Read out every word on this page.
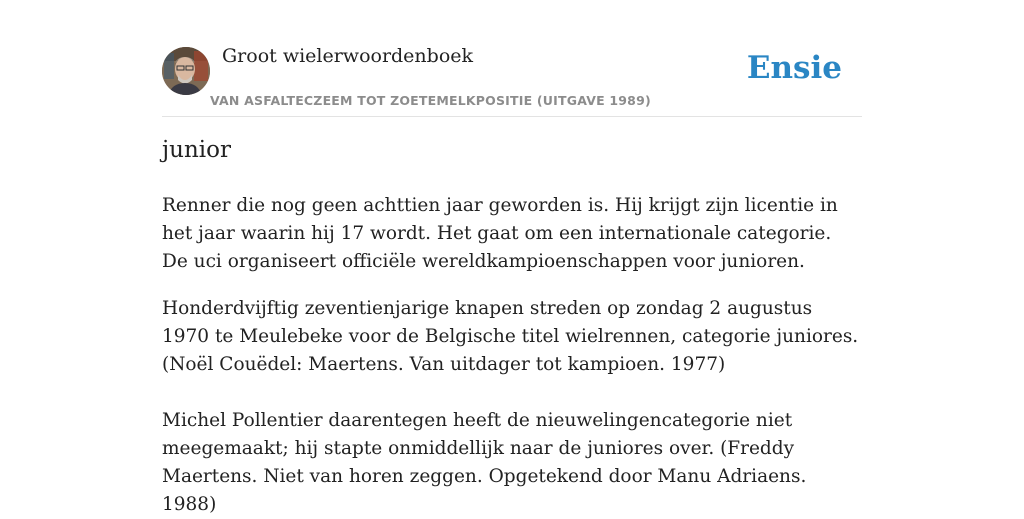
Groot wielerwoordenboek
VAN ASFALTECZEEM TOT ZOETEMELKPOSITIE (UITGAVE 1989)
Ensie
junior

Renner die nog geen achttien jaar geworden is. Hij krijgt zijn licentie in het jaar waarin hij 17 wordt. Het gaat om een internationale categorie. De uci organiseert officiële wereldkampioenschappen voor junioren.

Honderdvijftig zeventienjarige knapen streden op zondag 2 augustus 1970 te Meulebeke voor de Belgische titel wielrennen, categorie juniores. (Noël Couëdel: Maertens. Van uitdager tot kampioen. 1977)

Michel Pollentier daarentegen heeft de nieuwelingencategorie niet meegemaakt; hij stapte onmiddellijk naar de juniores over. (Freddy Maertens. Niet van horen zeggen. Opgetekend door Manu Adriaens. 1988)
